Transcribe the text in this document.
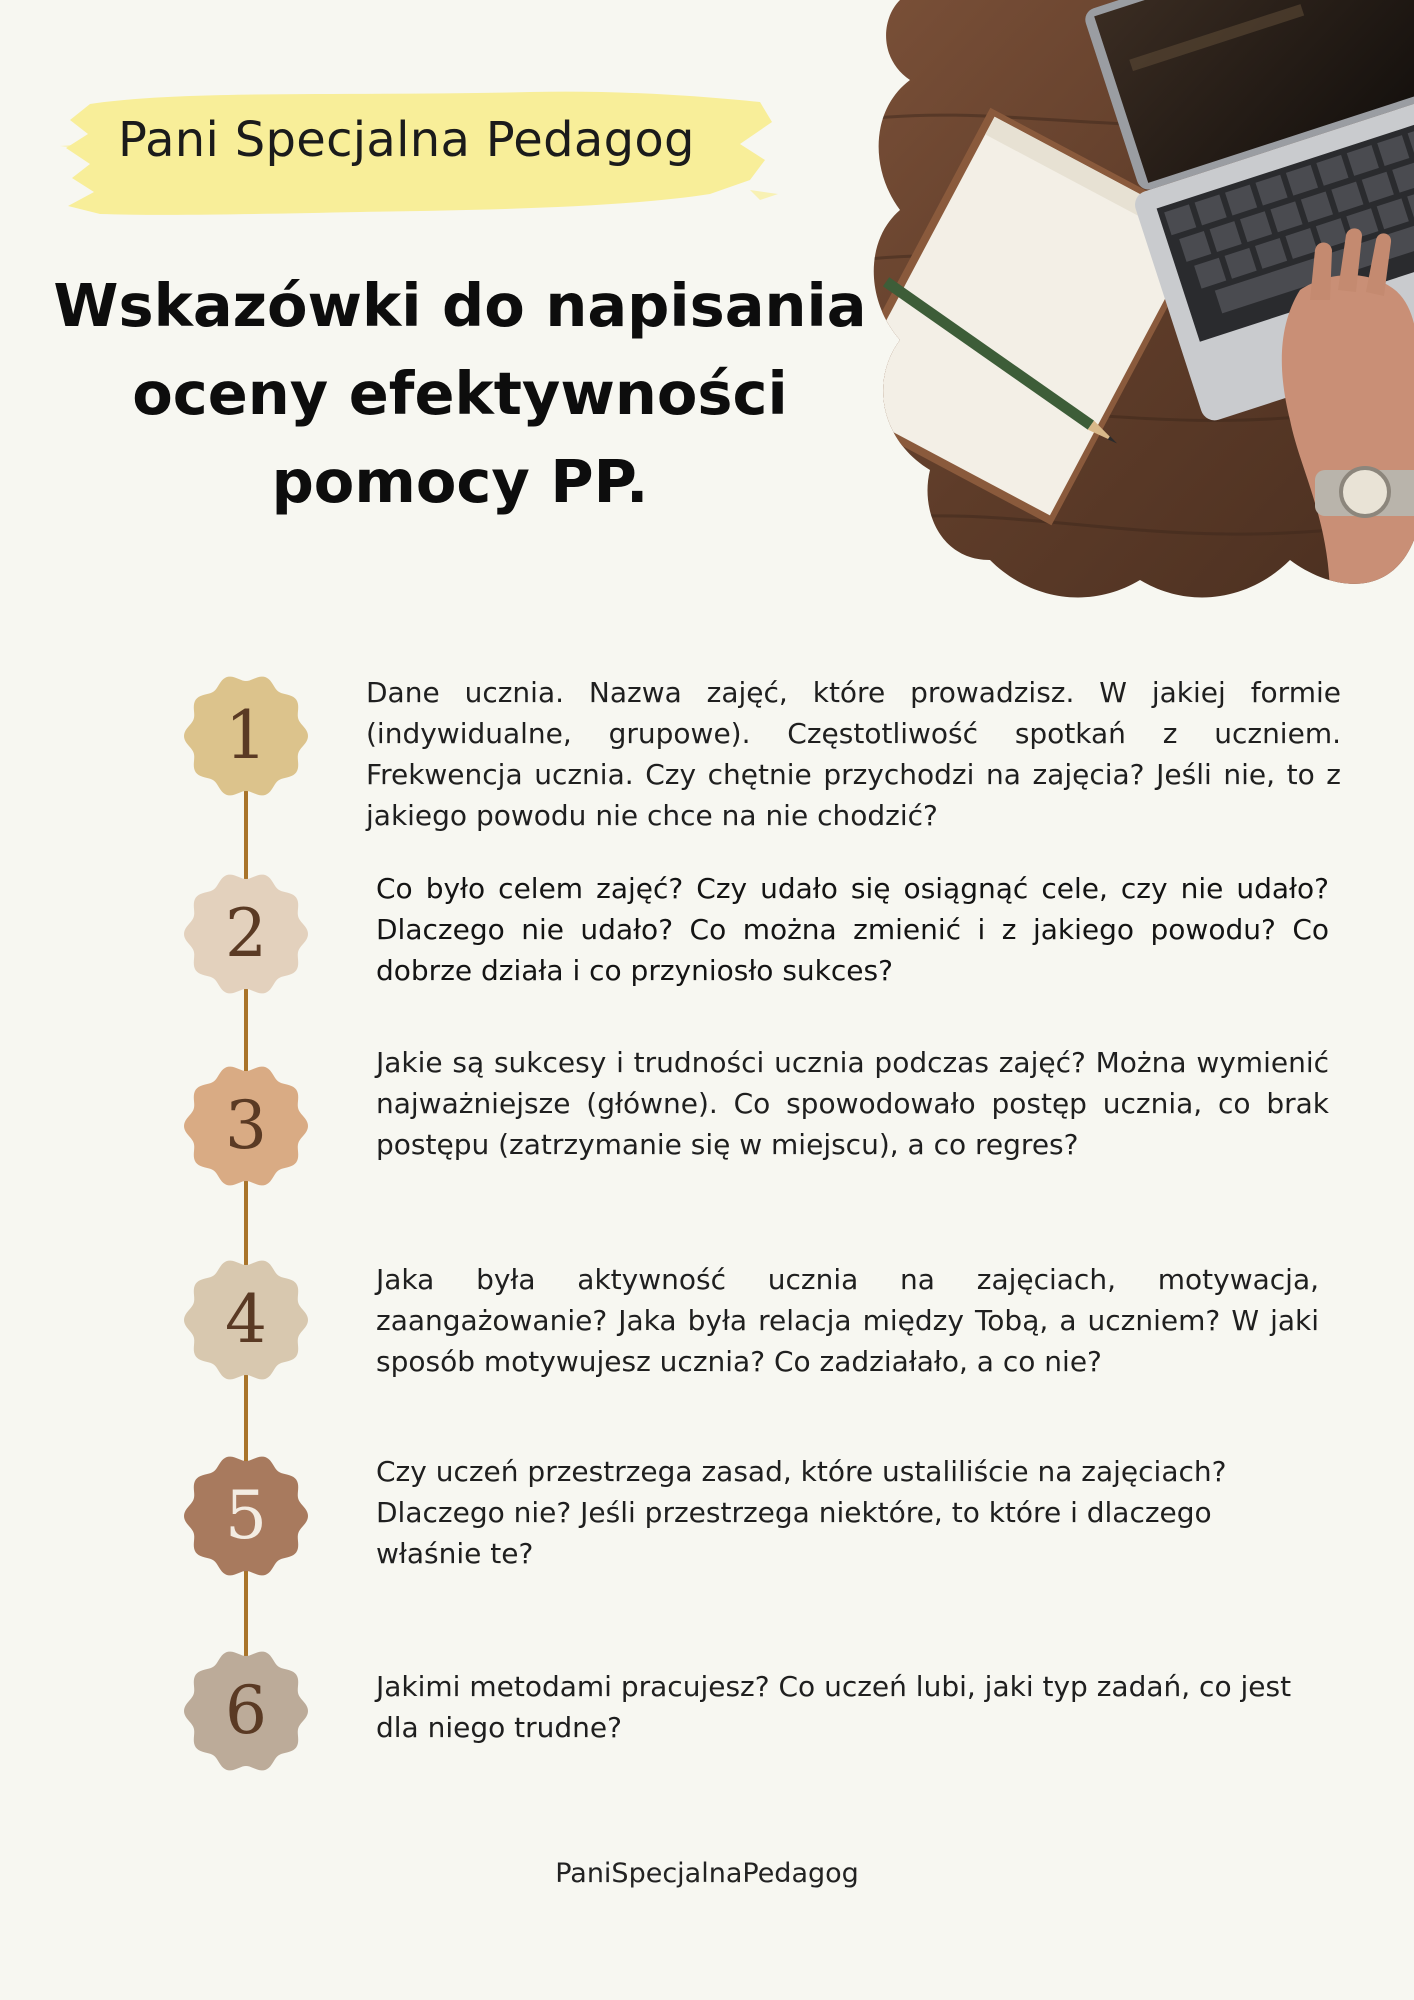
Pani Specjalna Pedagog
Wskazówki do napisania
oceny efektywności
pomocy PP.
1

Dane ucznia. Nazwa zajęć, które prowadzisz. W jakiej formie (indywidualne, grupowe). Częstotliwość spotkań z uczniem. Frekwencja ucznia. Czy chętnie przychodzi na zajęcia? Jeśli nie, to z jakiego powodu nie chce na nie chodzić?

2

Co było celem zajęć? Czy udało się osiągnąć cele, czy nie udało? Dlaczego nie udało? Co można zmienić i z jakiego powodu? Co dobrze działa i co przyniosło sukces?

3

Jakie są sukcesy i trudności ucznia podczas zajęć? Można wymienić najważniejsze (główne). Co spowodowało postęp ucznia, co brak postępu (zatrzymanie się w miejscu), a co regres?

4

Jaka była aktywność ucznia na zajęciach, motywacja, zaangażowanie? Jaka była relacja między Tobą, a uczniem? W jaki sposób motywujesz ucznia? Co zadziałało, a co nie?

5

Czy uczeń przestrzega zasad, które ustaliliście na zajęciach? Dlaczego nie? Jeśli przestrzega niektóre, to które i dlaczego właśnie te?

6	Jakimi metodami pracujesz? Co uczeń lubi, jaki typ zadań, co jest dla niego trudne?

PaniSpecjalnaPedagog
